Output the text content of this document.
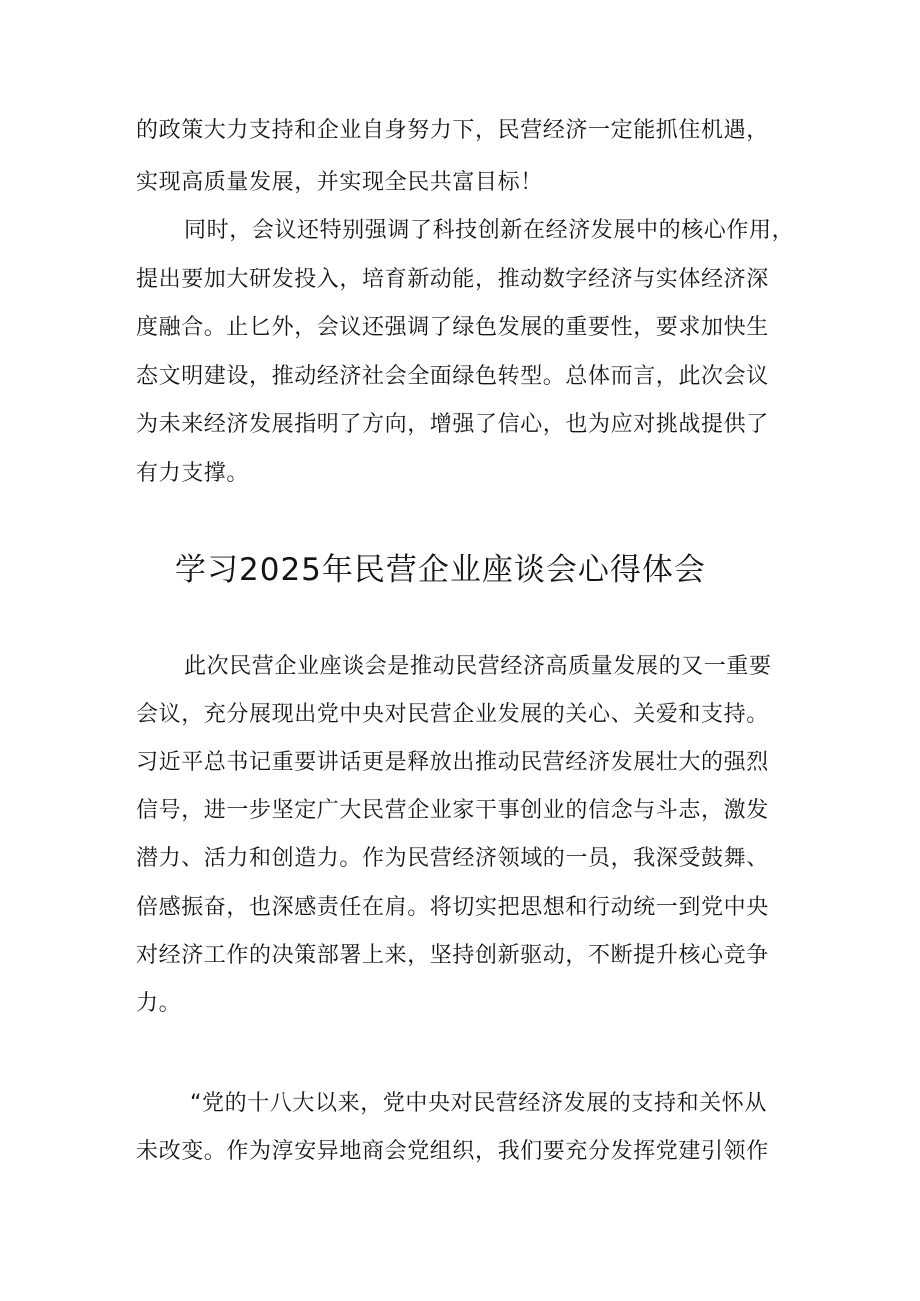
的政策大力支持和企业自身努力下，民营经济一定能抓住机遇，
实现高质量发展，并实现全民共富目标！
同时，会议还特别强调了科技创新在经济发展中的核心作用，
提出要加大研发投入，培育新动能，推动数字经济与实体经济深
度融合。止匕外，会议还强调了绿色发展的重要性，要求加快生
态文明建设，推动经济社会全面绿色转型。总体而言，此次会议
为未来经济发展指明了方向，增强了信心，也为应对挑战提供了
有力支撑。
学习2025年民营企业座谈会心得体会
此次民营企业座谈会是推动民营经济高质量发展的又一重要
会议，充分展现出党中央对民营企业发展的关心、关爱和支持。
习近平总书记重要讲话更是释放出推动民营经济发展壮大的强烈
信号，进一步坚定广大民营企业家干事创业的信念与斗志，激发
潜力、活力和创造力。作为民营经济领域的一员，我深受鼓舞、
倍感振奋，也深感责任在肩。将切实把思想和行动统一到党中央
对经济工作的决策部署上来，坚持创新驱动，不断提升核心竞争
力。
“党的十八大以来，党中央对民营经济发展的支持和关怀从
未改变。作为淳安异地商会党组织，我们要充分发挥党建引领作
